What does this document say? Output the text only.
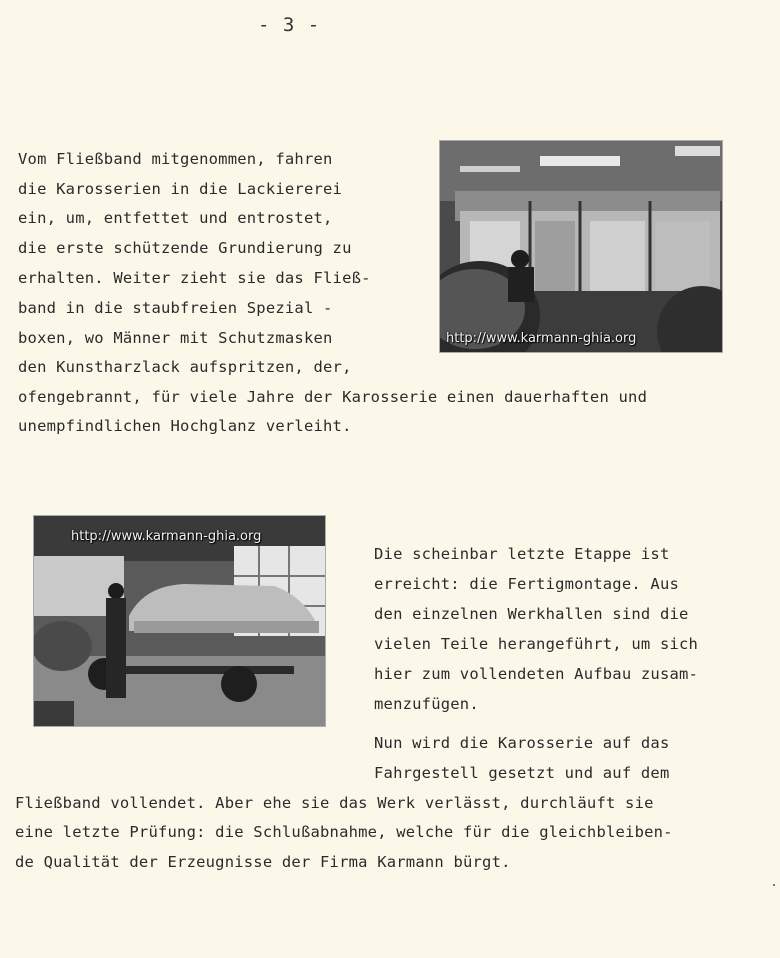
- 3 -
Vom Fließband mitgenommen, fahren
die Karosserien in die Lackiererei
ein, um, entfettet und entrostet,
die erste schützende Grundierung zu
erhalten. Weiter zieht sie das Fließ-
band in die staubfreien Spezial -
boxen, wo Männer mit Schutzmasken
den Kunstharzlack aufspritzen, der,
ofengebrannt, für viele Jahre der Karosserie einen dauerhaften und
unempfindlichen Hochglanz verleiht.
http://www.karmann-ghia.org
http://www.karmann-ghia.org
Die scheinbar letzte Etappe ist
erreicht: die Fertigmontage. Aus
den einzelnen Werkhallen sind die
vielen Teile herangeführt, um sich
hier zum vollendeten Aufbau zusam-
menzufügen.
Nun wird die Karosserie auf das
Fahrgestell gesetzt und auf dem
Fließband vollendet. Aber ehe sie das Werk verlässt, durchläuft sie
eine letzte Prüfung: die Schlußabnahme, welche für die gleichbleiben-
de Qualität der Erzeugnisse der Firma Karmann bürgt.
